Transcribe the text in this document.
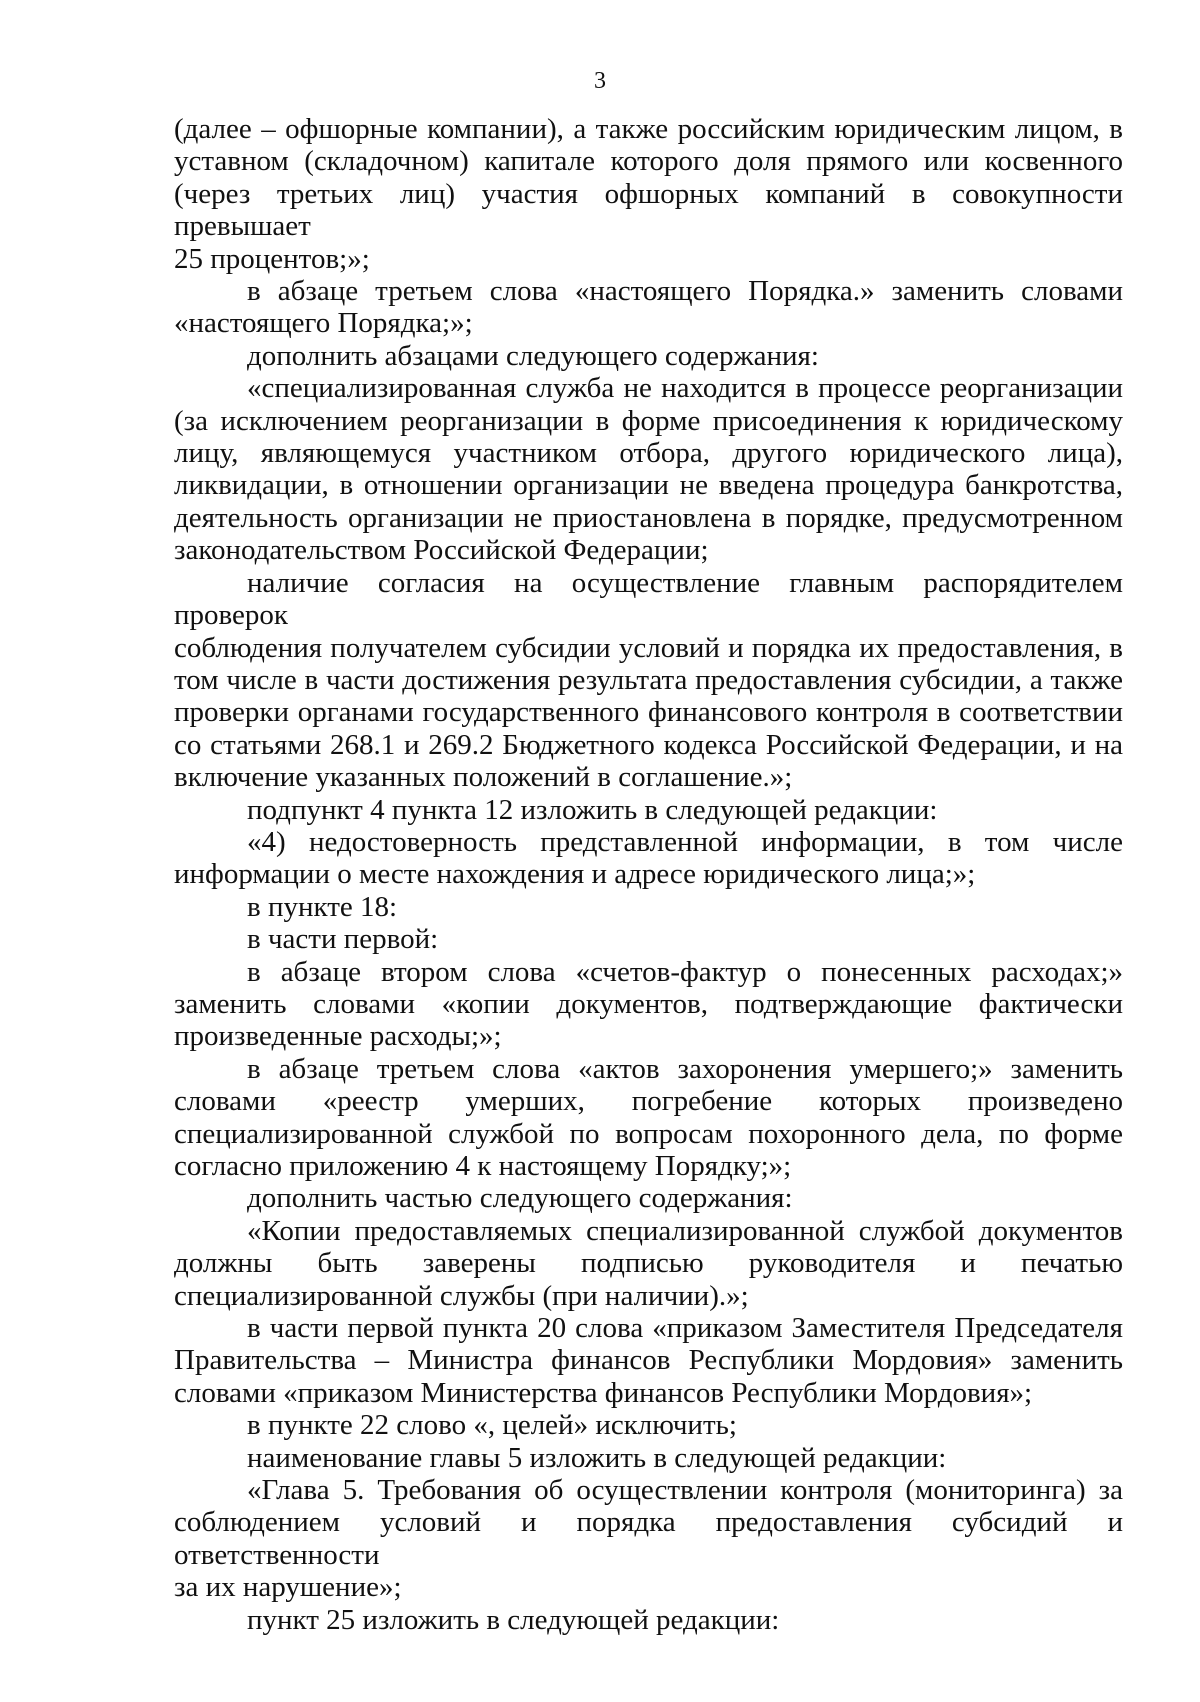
3
(далее – офшорные компании), а также российским юридическим лицом, в
уставном (складочном) капитале которого доля прямого или косвенного
(через третьих лиц) участия офшорных компаний в совокупности превышает
25 процентов;»;
в абзаце третьем слова «настоящего Порядка.» заменить словами
«настоящего Порядка;»;
дополнить абзацами следующего содержания:
«специализированная служба не находится в процессе реорганизации
(за исключением реорганизации в форме присоединения к юридическому
лицу, являющемуся участником отбора, другого юридического лица),
ликвидации, в отношении организации не введена процедура банкротства,
деятельность организации не приостановлена в порядке, предусмотренном
законодательством Российской Федерации;
наличие согласия на осуществление главным распорядителем проверок
соблюдения получателем субсидии условий и порядка их предоставления, в
том числе в части достижения результата предоставления субсидии, а также
проверки органами государственного финансового контроля в соответствии
со статьями 268.1 и 269.2 Бюджетного кодекса Российской Федерации, и на
включение указанных положений в соглашение.»;
подпункт 4 пункта 12 изложить в следующей редакции:
«4) недостоверность представленной информации, в том числе
информации о месте нахождения и адресе юридического лица;»;
в пункте 18:
в части первой:
в абзаце втором слова «счетов-фактур о понесенных расходах;»
заменить словами «копии документов, подтверждающие фактически
произведенные расходы;»;
в абзаце третьем слова «актов захоронения умершего;» заменить
словами «реестр умерших, погребение которых произведено
специализированной службой по вопросам похоронного дела, по форме
согласно приложению 4 к настоящему Порядку;»;
дополнить частью следующего содержания:
«Копии предоставляемых специализированной службой документов
должны быть заверены подписью руководителя и печатью
специализированной службы (при наличии).»;
в части первой пункта 20 слова «приказом Заместителя Председателя
Правительства – Министра финансов Республики Мордовия» заменить
словами «приказом Министерства финансов Республики Мордовия»;
в пункте 22 слово «, целей» исключить;
наименование главы 5 изложить в следующей редакции:
«Глава 5. Требования об осуществлении контроля (мониторинга) за
соблюдением условий и порядка предоставления субсидий и ответственности
за их нарушение»;
пункт 25 изложить в следующей редакции:
